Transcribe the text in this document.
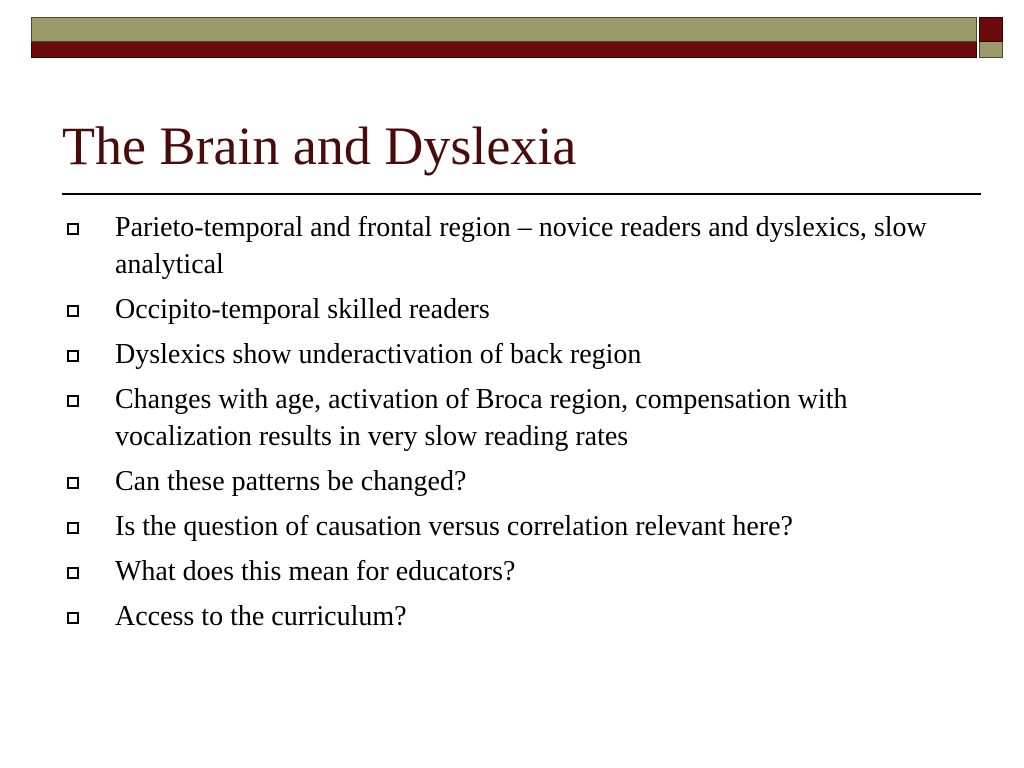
The Brain and Dyslexia
Parieto-temporal and frontal region – novice readers and dyslexics, slow analytical
Occipito-temporal skilled readers
Dyslexics show underactivation of back region
Changes with age, activation of Broca region, compensation with vocalization results in very slow reading rates
Can these patterns be changed?
Is the question of causation versus correlation relevant here?
What does this mean for educators?
Access to the curriculum?
